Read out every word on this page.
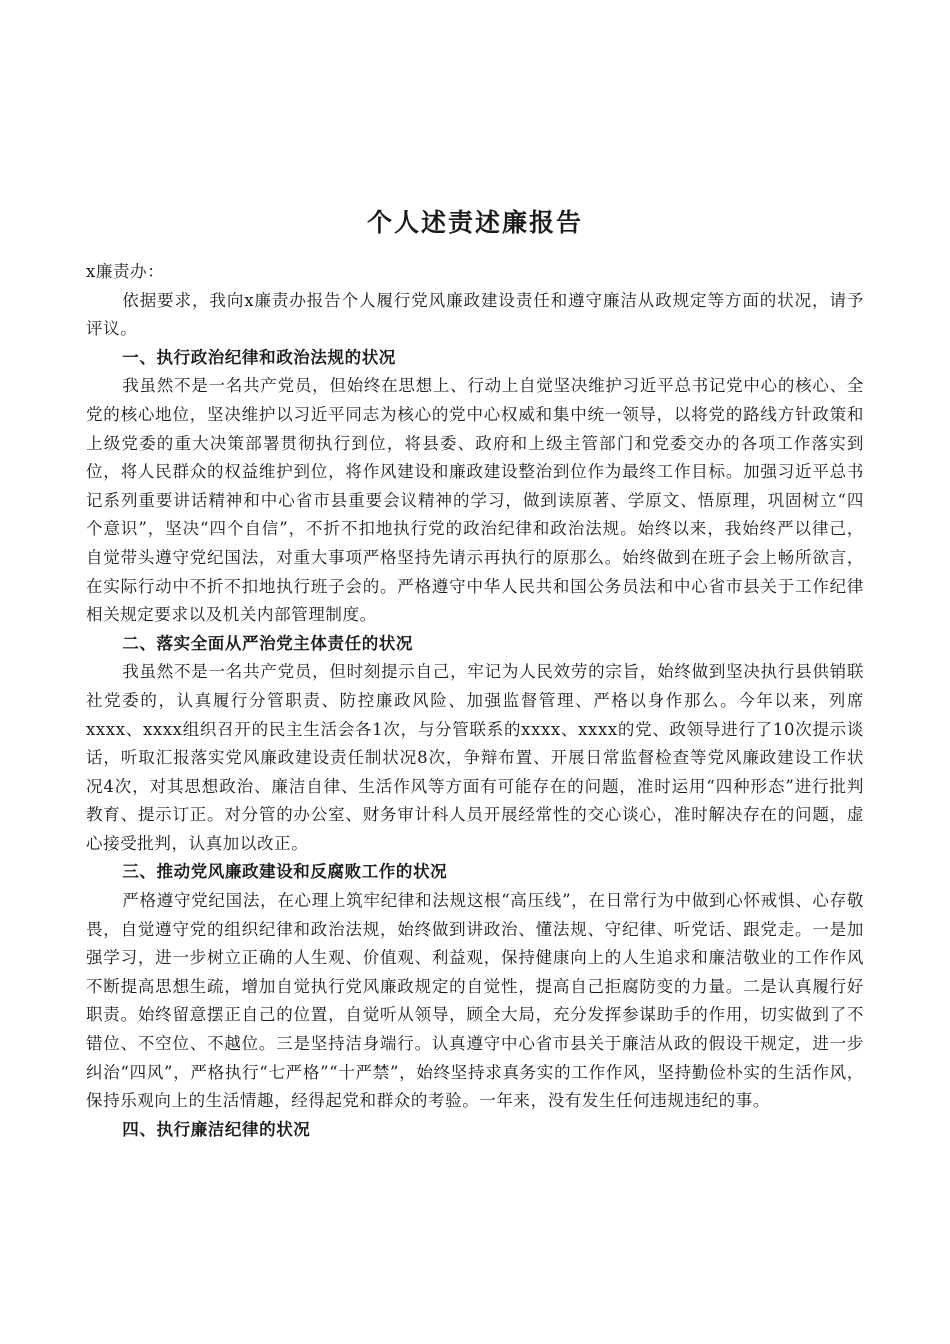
个人述责述廉报告

x廉责办：

依据要求，我向x廉责办报告个人履行党风廉政建设责任和遵守廉洁从政规定等方面的状况，请予评议。

一、执行政治纪律和政治法规的状况

我虽然不是一名共产党员，但始终在思想上、行动上自觉坚决维护习近平总书记党中心的核心、全党的核心地位，坚决维护以习近平同志为核心的党中心权威和集中统一领导，以将党的路线方针政策和上级党委的重大决策部署贯彻执行到位，将县委、政府和上级主管部门和党委交办的各项工作落实到位，将人民群众的权益维护到位，将作风建设和廉政建设整治到位作为最终工作目标。加强习近平总书记系列重要讲话精神和中心省市县重要会议精神的学习，做到读原著、学原文、悟原理，巩固树立“四个意识”，坚决“四个自信”，不折不扣地执行党的政治纪律和政治法规。始终以来，我始终严以律己，自觉带头遵守党纪国法，对重大事项严格坚持先请示再执行的原那么。始终做到在班子会上畅所欲言，在实际行动中不折不扣地执行班子会的。严格遵守中华人民共和国公务员法和中心省市县关于工作纪律相关规定要求以及机关内部管理制度。

二、落实全面从严治党主体责任的状况

我虽然不是一名共产党员，但时刻提示自己，牢记为人民效劳的宗旨，始终做到坚决执行县供销联社党委的，认真履行分管职责、防控廉政风险、加强监督管理、严格以身作那么。今年以来，列席xxxx、xxxx组织召开的民主生活会各1次，与分管联系的xxxx、xxxx的党、政领导进行了10次提示谈话，听取汇报落实党风廉政建设责任制状况8次，争辩布置、开展日常监督检查等党风廉政建设工作状况4次，对其思想政治、廉洁自律、生活作风等方面有可能存在的问题，准时运用“四种形态”进行批判教育、提示订正。对分管的办公室、财务审计科人员开展经常性的交心谈心，准时解决存在的问题，虚心接受批判，认真加以改正。

三、推动党风廉政建设和反腐败工作的状况

严格遵守党纪国法，在心理上筑牢纪律和法规这根“高压线”，在日常行为中做到心怀戒惧、心存敬畏，自觉遵守党的组织纪律和政治法规，始终做到讲政治、懂法规、守纪律、听党话、跟党走。一是加强学习，进一步树立正确的人生观、价值观、利益观，保持健康向上的人生追求和廉洁敬业的工作作风不断提高思想生疏，增加自觉执行党风廉政规定的自觉性，提高自己拒腐防变的力量。二是认真履行好职责。始终留意摆正自己的位置，自觉听从领导，顾全大局，充分发挥参谋助手的作用，切实做到了不错位、不空位、不越位。三是坚持洁身端行。认真遵守中心省市县关于廉洁从政的假设干规定，进一步纠治“四风”，严格执行“七严格”“十严禁”，始终坚持求真务实的工作作风，坚持勤俭朴实的生活作风，保持乐观向上的生活情趣，经得起党和群众的考验。一年来，没有发生任何违规违纪的事。

四、执行廉洁纪律的状况
